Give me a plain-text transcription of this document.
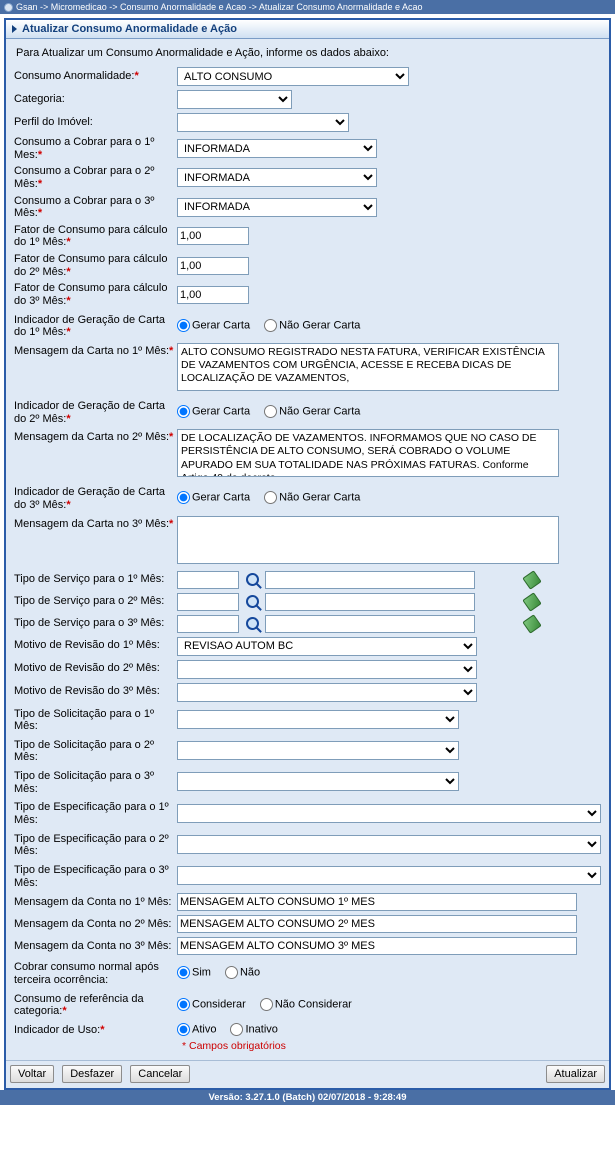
Gsan -> Micromedicao -> Consumo Anormalidade e Acao -> Atualizar Consumo Anormalidade e Acao
Atualizar Consumo Anormalidade e Ação
Para Atualizar um Consumo Anormalidade e Ação, informe os dados abaixo:
Consumo Anormalidade:*	
ALTO CONSUMO
Categoria:	

Perfil do Imóvel:	

Consumo a Cobrar para o 1º Mes:*	
INFORMADA
Consumo a Cobrar para o 2º Mês:*	
INFORMADA
Consumo a Cobrar para o 3º Mês:*	
INFORMADA
Fator de Consumo para cálculo do 1º Mês:*	1,00
Fator de Consumo para cálculo do 2º Mês:*	1,00
Fator de Consumo para cálculo do 3º Mês:*	1,00
Indicador de Geração de Carta do 1º Mês:*	Gerar Carta Não Gerar Carta

Mensagem da Carta no 1º Mês:*	ALTO CONSUMO REGISTRADO NESTA FATURA, VERIFICAR EXISTÊNCIA DE VAZAMENTOS COM URGÊNCIA, ACESSE E RECEBA DICAS DE LOCALIZAÇÃO DE VAZAMENTOS,
Indicador de Geração de Carta do 2º Mês:*	Gerar Carta Não Gerar Carta

Mensagem da Carta no 2º Mês:*	DE LOCALIZAÇÃO DE VAZAMENTOS. INFORMAMOS QUE NO CASO DE PERSISTÊNCIA DE ALTO CONSUMO, SERÁ COBRADO O VOLUME APURADO EM SUA TOTALIDADE NAS PRÓXIMAS FATURAS. Conforme Artigo 40 do decreto
Indicador de Geração de Carta do 3º Mês:*	Gerar Carta Não Gerar Carta

Mensagem da Carta no 3º Mês:*	
Tipo de Serviço para o 1º Mês:	

Tipo de Serviço para o 2º Mês:	

Tipo de Serviço para o 3º Mês:	

Motivo de Revisão do 1º Mês:	
REVISAO AUTOM BC
Motivo de Revisão do 2º Mês:	

Motivo de Revisão do 3º Mês:	

Tipo de Solicitação para o 1º Mês:	

Tipo de Solicitação para o 2º Mês:	

Tipo de Solicitação para o 3º Mês:	

Tipo de Especificação para o 1º Mês:	

Tipo de Especificação para o 2º Mês:	

Tipo de Especificação para o 3º Mês:	

Mensagem da Conta no 1º Mês:	MENSAGEM ALTO CONSUMO 1º MES
Mensagem da Conta no 2º Mês:	MENSAGEM ALTO CONSUMO 2º MES
Mensagem da Conta no 3º Mês:	MENSAGEM ALTO CONSUMO 3º MES
Cobrar consumo normal após terceira ocorrência:	Sim Não

Consumo de referência da categoria:*	Considerar Não Considerar

Indicador de Uso:*	Ativo Inativo
* Campos obrigatórios
Voltar Desfazer Cancelar	Atualizar
Versão: 3.27.1.0 (Batch) 02/07/2018 - 9:28:49
